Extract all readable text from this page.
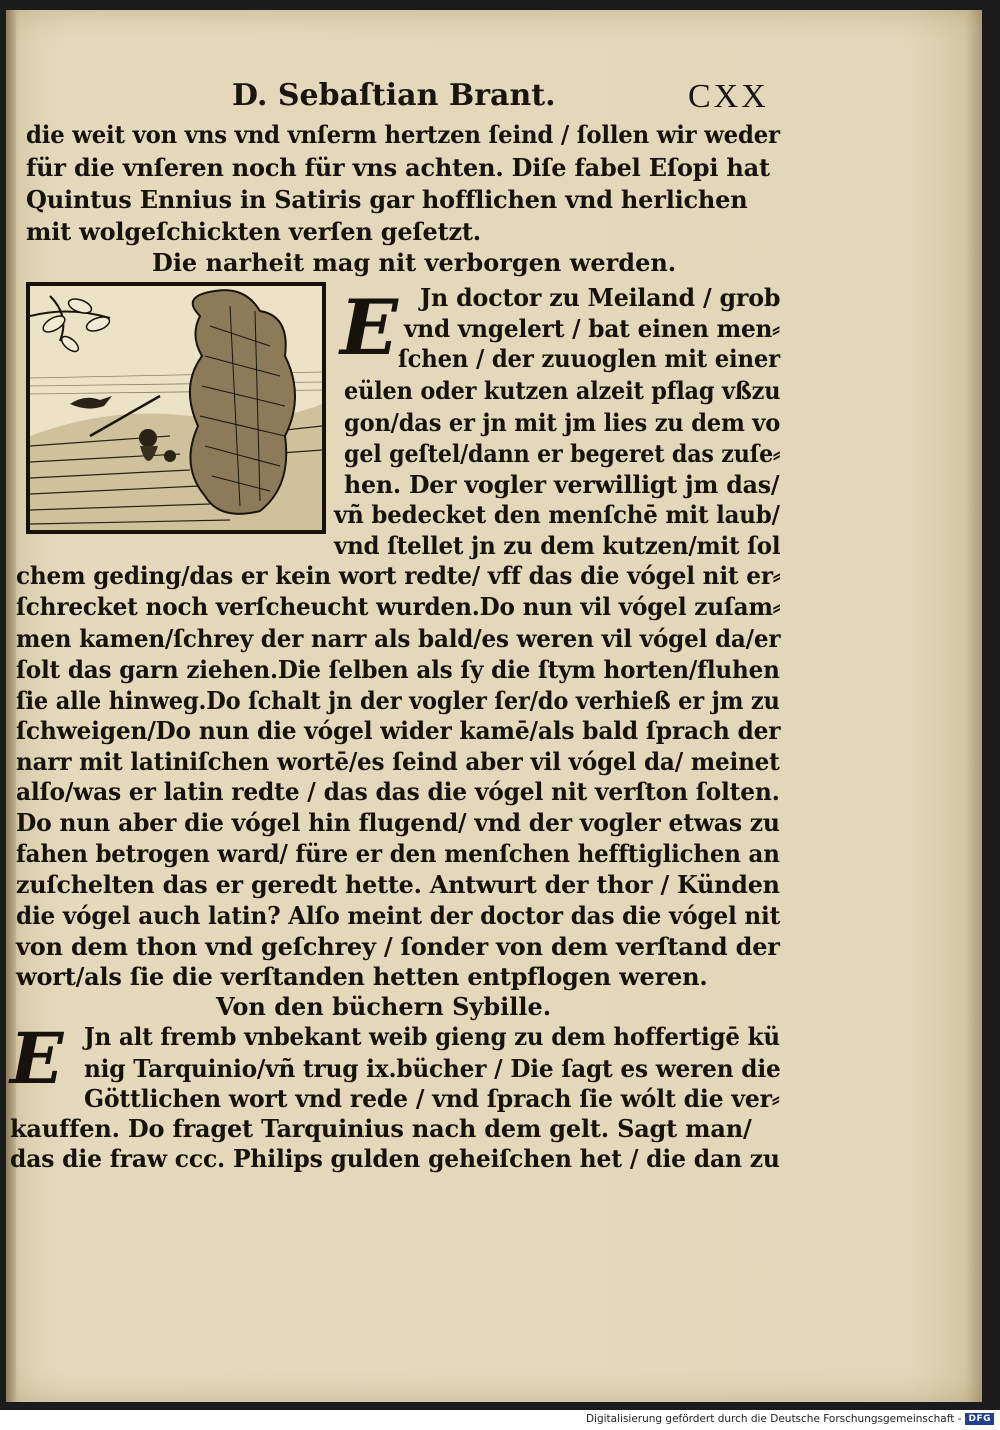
D. Sebaſtian Brant.	CXX
die weit von vns vnd vnſerm hertzen ſeind / ſollen wir weder
für die vnſeren noch für vns achten. Diſe fabel Eſopi hat
Quintus Ennius in Satiris gar hofflichen vnd herlichen
mit wolgeſchickten verſen geſetzt.
Die narheit mag nit verborgen werden.
E Jn doctor zu Meiland / grob
vnd vngelert / bat einen men⸗
ſchen / der zuuoglen mit einer
eülen oder kutzen alzeit pflag vßzu
gon/das er jn mit jm lies zu dem vo
gel geſtel/dann er begeret das zuſe⸗
hen. Der vogler verwilligt jm das/
vñ bedecket den menſchē mit laub/
vnd ſtellet jn zu dem kutzen/mit ſol
chem geding/das er kein wort redte/ vff das die vógel nit er⸗
ſchrecket noch verſcheucht wurden.Do nun vil vógel zuſam⸗
men kamen/ſchrey der narr als bald/es weren vil vógel da/er
ſolt das garn ziehen.Die ſelben als ſy die ſtym horten/fluhen
ſie alle hinweg.Do ſchalt jn der vogler ſer/do verhieß er jm zu
ſchweigen/Do nun die vógel wider kamē/als bald ſprach der
narr mit latiniſchen wortē/es ſeind aber vil vógel da/ meinet
alſo/was er latin redte / das das die vógel nit verſton ſolten.
Do nun aber die vógel hin flugend/ vnd der vogler etwas zu
fahen betrogen ward/ füre er den menſchen hefftiglichen an
zuſchelten das er geredt hette. Antwurt der thor / Künden
die vógel auch latin? Alſo meint der doctor das die vógel nit
von dem thon vnd geſchrey / ſonder von dem verſtand der
wort/als ſie die verſtanden hetten entpflogen weren.
Von den büchern Sybille.
E Jn alt fremb vnbekant weib gieng zu dem hoffertigē kü
nig Tarquinio/vñ trug ix.bücher / Die ſagt es weren die
Göttlichen wort vnd rede / vnd ſprach ſie wólt die ver⸗
kauffen. Do fraget Tarquinius nach dem gelt. Sagt man/
das die fraw ccc. Philips gulden geheiſchen het / die dan zu
Digitalisierung gefördert durch die Deutsche Forschungsgemeinschaft - DFG
